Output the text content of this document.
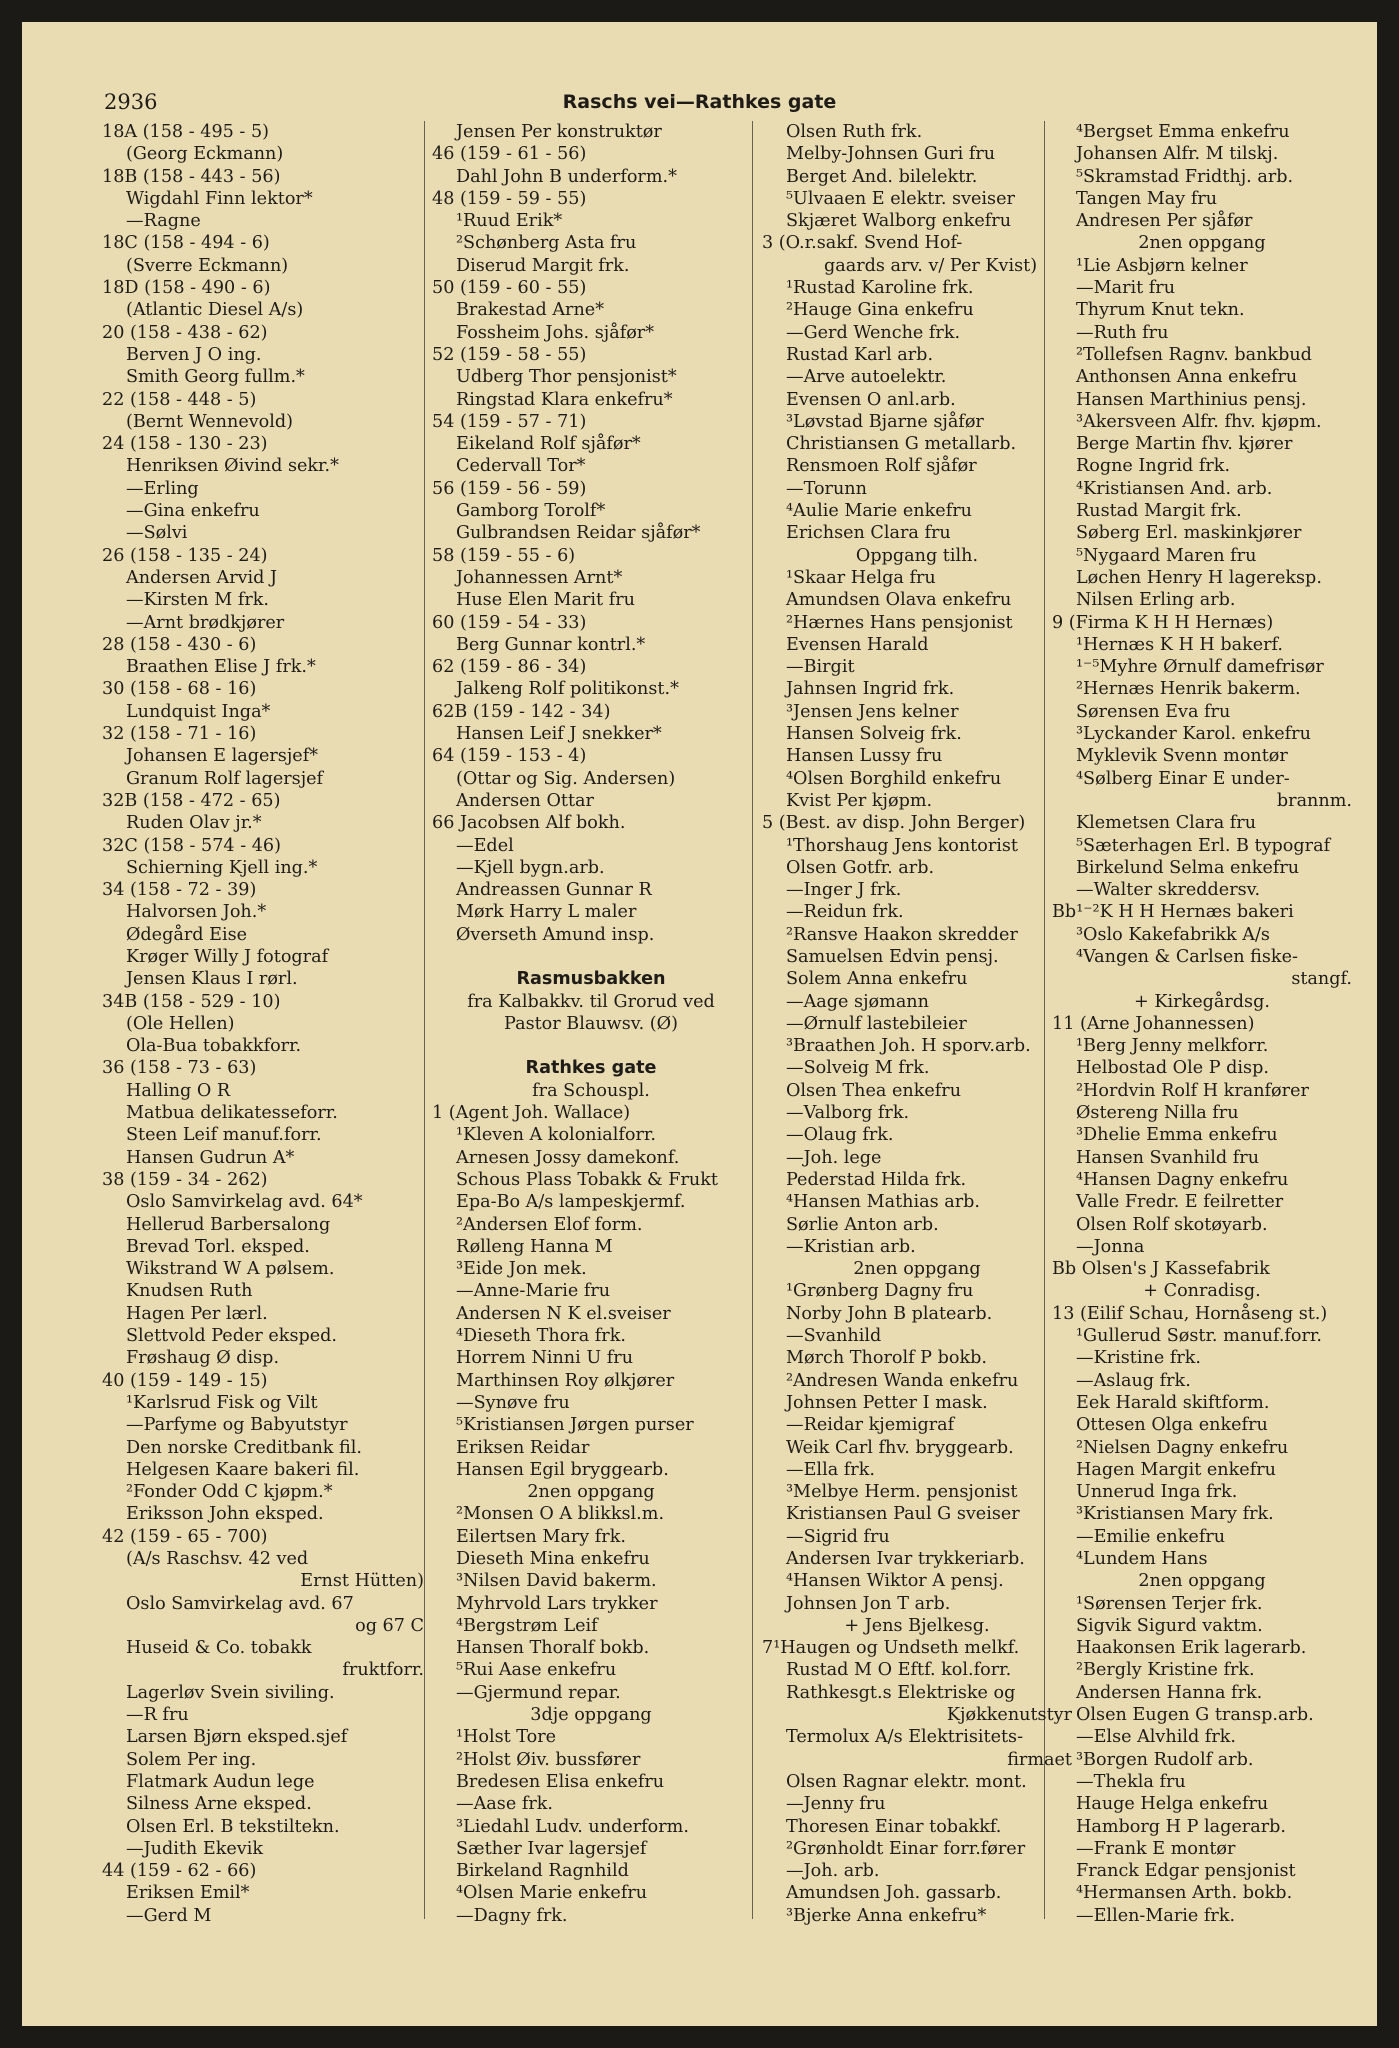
2936	Raschs vei—Rathkes gate
18A (158 - 495 - 5)
(Georg Eckmann)
18B (158 - 443 - 56)
Wigdahl Finn lektor*
—Ragne
18C (158 - 494 - 6)
(Sverre Eckmann)
18D (158 - 490 - 6)
(Atlantic Diesel A/s)
20 (158 - 438 - 62)
Berven J O ing.
Smith Georg fullm.*
22 (158 - 448 - 5)
(Bernt Wennevold)
24 (158 - 130 - 23)
Henriksen Øivind sekr.*
—Erling
—Gina enkefru
—Sølvi
26 (158 - 135 - 24)
Andersen Arvid J
—Kirsten M frk.
—Arnt brødkjører
28 (158 - 430 - 6)
Braathen Elise J frk.*
30 (158 - 68 - 16)
Lundquist Inga*
32 (158 - 71 - 16)
Johansen E lagersjef*
Granum Rolf lagersjef
32B (158 - 472 - 65)
Ruden Olav jr.*
32C (158 - 574 - 46)
Schierning Kjell ing.*
34 (158 - 72 - 39)
Halvorsen Joh.*
Ødegård Eise
Krøger Willy J fotograf
Jensen Klaus I rørl.
34B (158 - 529 - 10)
(Ole Hellen)
Ola-Bua tobakkforr.
36 (158 - 73 - 63)
Halling O R
Matbua delikatesseforr.
Steen Leif manuf.forr.
Hansen Gudrun A*
38 (159 - 34 - 262)
Oslo Samvirkelag avd. 64*
Hellerud Barbersalong
Brevad Torl. eksped.
Wikstrand W A pølsem.
Knudsen Ruth
Hagen Per lærl.
Slettvold Peder eksped.
Frøshaug Ø disp.
40 (159 - 149 - 15)
¹Karlsrud Fisk og Vilt
—Parfyme og Babyutstyr
Den norske Creditbank fil.
Helgesen Kaare bakeri fil.
²Fonder Odd C kjøpm.*
Eriksson John eksped.
42 (159 - 65 - 700)
(A/s Raschsv. 42 ved
Ernst Hütten)
Oslo Samvirkelag avd. 67
og 67 C
Huseid & Co. tobakk
fruktforr.
Lagerløv Svein siviling.
—R fru
Larsen Bjørn eksped.sjef
Solem Per ing.
Flatmark Audun lege
Silness Arne eksped.
Olsen Erl. B tekstiltekn.
—Judith Ekevik
44 (159 - 62 - 66)
Eriksen Emil*
—Gerd M
Jensen Per konstruktør
46 (159 - 61 - 56)
Dahl John B underform.*
48 (159 - 59 - 55)
¹Ruud Erik*
²Schønberg Asta fru
Diserud Margit frk.
50 (159 - 60 - 55)
Brakestad Arne*
Fossheim Johs. sjåfør*
52 (159 - 58 - 55)
Udberg Thor pensjonist*
Ringstad Klara enkefru*
54 (159 - 57 - 71)
Eikeland Rolf sjåfør*
Cedervall Tor*
56 (159 - 56 - 59)
Gamborg Torolf*
Gulbrandsen Reidar sjåfør*
58 (159 - 55 - 6)
Johannessen Arnt*
Huse Elen Marit fru
60 (159 - 54 - 33)
Berg Gunnar kontrl.*
62 (159 - 86 - 34)
Jalkeng Rolf politikonst.*
62B (159 - 142 - 34)
Hansen Leif J snekker*
64 (159 - 153 - 4)
(Ottar og Sig. Andersen)
Andersen Ottar
66 Jacobsen Alf bokh.
—Edel
—Kjell bygn.arb.
Andreassen Gunnar R
Mørk Harry L maler
Øverseth Amund insp.
Rasmusbakken
fra Kalbakkv. til Grorud ved
Pastor Blauwsv. (Ø)
Rathkes gate
fra Schouspl.
1 (Agent Joh. Wallace)
¹Kleven A kolonialforr.
Arnesen Jossy damekonf.
Schous Plass Tobakk & Frukt
Epa-Bo A/s lampeskjermf.
²Andersen Elof form.
Rølleng Hanna M
³Eide Jon mek.
—Anne-Marie fru
Andersen N K el.sveiser
⁴Dieseth Thora frk.
Horrem Ninni U fru
Marthinsen Roy ølkjører
—Synøve fru
⁵Kristiansen Jørgen purser
Eriksen Reidar
Hansen Egil bryggearb.
2nen oppgang
²Monsen O A blikksl.m.
Eilertsen Mary frk.
Dieseth Mina enkefru
³Nilsen David bakerm.
Myhrvold Lars trykker
⁴Bergstrøm Leif
Hansen Thoralf bokb.
⁵Rui Aase enkefru
—Gjermund repar.
3dje oppgang
¹Holst Tore
²Holst Øiv. bussfører
Bredesen Elisa enkefru
—Aase frk.
³Liedahl Ludv. underform.
Sæther Ivar lagersjef
Birkeland Ragnhild
⁴Olsen Marie enkefru
—Dagny frk.
Olsen Ruth frk.
Melby-Johnsen Guri fru
Berget And. bilelektr.
⁵Ulvaaen E elektr. sveiser
Skjæret Walborg enkefru
3 (O.r.sakf. Svend Hof-
gaards arv. v/ Per Kvist)
¹Rustad Karoline frk.
²Hauge Gina enkefru
—Gerd Wenche frk.
Rustad Karl arb.
—Arve autoelektr.
Evensen O anl.arb.
³Løvstad Bjarne sjåfør
Christiansen G metallarb.
Rensmoen Rolf sjåfør
—Torunn
⁴Aulie Marie enkefru
Erichsen Clara fru
Oppgang tilh.
¹Skaar Helga fru
Amundsen Olava enkefru
²Hærnes Hans pensjonist
Evensen Harald
—Birgit
Jahnsen Ingrid frk.
³Jensen Jens kelner
Hansen Solveig frk.
Hansen Lussy fru
⁴Olsen Borghild enkefru
Kvist Per kjøpm.
5 (Best. av disp. John Berger)
¹Thorshaug Jens kontorist
Olsen Gotfr. arb.
—Inger J frk.
—Reidun frk.
²Ransve Haakon skredder
Samuelsen Edvin pensj.
Solem Anna enkefru
—Aage sjømann
—Ørnulf lastebileier
³Braathen Joh. H sporv.arb.
—Solveig M frk.
Olsen Thea enkefru
—Valborg frk.
—Olaug frk.
—Joh. lege
Pederstad Hilda frk.
⁴Hansen Mathias arb.
Sørlie Anton arb.
—Kristian arb.
2nen oppgang
¹Grønberg Dagny fru
Norby John B platearb.
—Svanhild
Mørch Thorolf P bokb.
²Andresen Wanda enkefru
Johnsen Petter I mask.
—Reidar kjemigraf
Weik Carl fhv. bryggearb.
—Ella frk.
³Melbye Herm. pensjonist
Kristiansen Paul G sveiser
—Sigrid fru
Andersen Ivar trykkeriarb.
⁴Hansen Wiktor A pensj.
Johnsen Jon T arb.
+ Jens Bjelkesg.
7¹Haugen og Undseth melkf.
Rustad M O Eftf. kol.forr.
Rathkesgt.s Elektriske og
Kjøkkenutstyr
Termolux A/s Elektrisitets-
firmaet
Olsen Ragnar elektr. mont.
—Jenny fru
Thoresen Einar tobakkf.
²Grønholdt Einar forr.fører
—Joh. arb.
Amundsen Joh. gassarb.
³Bjerke Anna enkefru*
⁴Bergset Emma enkefru
Johansen Alfr. M tilskj.
⁵Skramstad Fridthj. arb.
Tangen May fru
Andresen Per sjåfør
2nen oppgang
¹Lie Asbjørn kelner
—Marit fru
Thyrum Knut tekn.
—Ruth fru
²Tollefsen Ragnv. bankbud
Anthonsen Anna enkefru
Hansen Marthinius pensj.
³Akersveen Alfr. fhv. kjøpm.
Berge Martin fhv. kjører
Rogne Ingrid frk.
⁴Kristiansen And. arb.
Rustad Margit frk.
Søberg Erl. maskinkjører
⁵Nygaard Maren fru
Løchen Henry H lagereksp.
Nilsen Erling arb.
9 (Firma K H H Hernæs)
¹Hernæs K H H bakerf.
¹⁻⁵Myhre Ørnulf damefrisør
²Hernæs Henrik bakerm.
Sørensen Eva fru
³Lyckander Karol. enkefru
Myklevik Svenn montør
⁴Sølberg Einar E under-
brannm.
Klemetsen Clara fru
⁵Sæterhagen Erl. B typograf
Birkelund Selma enkefru
—Walter skreddersv.
Bb¹⁻²K H H Hernæs bakeri
³Oslo Kakefabrikk A/s
⁴Vangen & Carlsen fiske-
stangf.
+ Kirkegårdsg.
11 (Arne Johannessen)
¹Berg Jenny melkforr.
Helbostad Ole P disp.
²Hordvin Rolf H kranfører
Østereng Nilla fru
³Dhelie Emma enkefru
Hansen Svanhild fru
⁴Hansen Dagny enkefru
Valle Fredr. E feilretter
Olsen Rolf skotøyarb.
—Jonna
Bb Olsen's J Kassefabrik
+ Conradisg.
13 (Eilif Schau, Hornåseng st.)
¹Gullerud Søstr. manuf.forr.
—Kristine frk.
—Aslaug frk.
Eek Harald skiftform.
Ottesen Olga enkefru
²Nielsen Dagny enkefru
Hagen Margit enkefru
Unnerud Inga frk.
³Kristiansen Mary frk.
—Emilie enkefru
⁴Lundem Hans
2nen oppgang
¹Sørensen Terjer frk.
Sigvik Sigurd vaktm.
Haakonsen Erik lagerarb.
²Bergly Kristine frk.
Andersen Hanna frk.
Olsen Eugen G transp.arb.
—Else Alvhild frk.
³Borgen Rudolf arb.
—Thekla fru
Hauge Helga enkefru
Hamborg H P lagerarb.
—Frank E montør
Franck Edgar pensjonist
⁴Hermansen Arth. bokb.
—Ellen-Marie frk.
